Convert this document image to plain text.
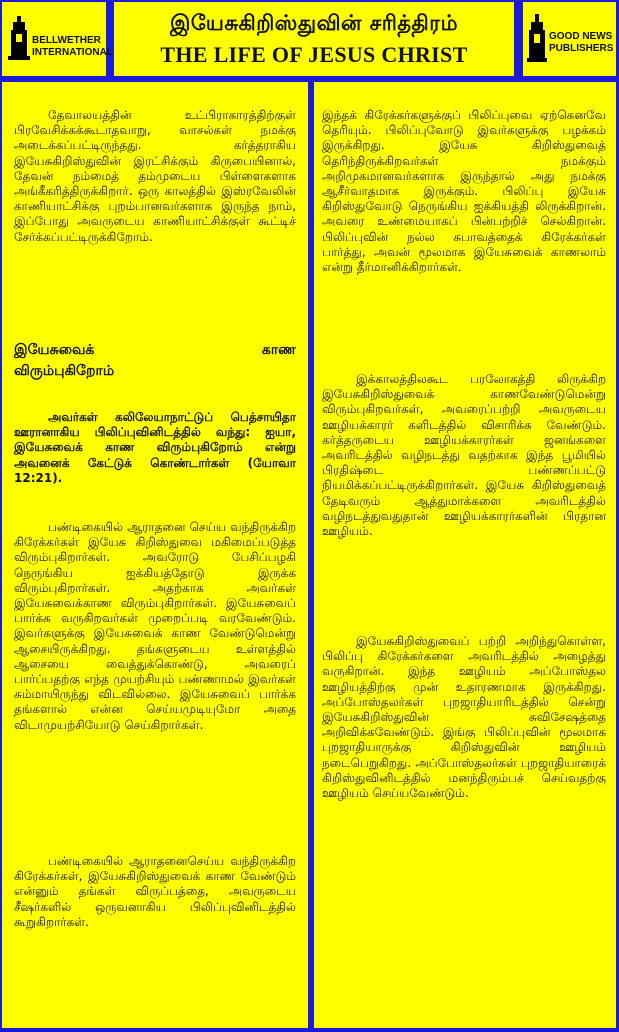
BELLWETHER
INTERNATIONAL
இயேசுகிறிஸ்துவின் சரித்திரம்
THE LIFE OF JESUS CHRIST
GOOD NEWS
PUBLISHERS

தேவாலயத்தின் உட்பிராகாரத்திற்குள் பிரவேசிக்கக்கூடாதவாறு, வாசல்கள் நமக்கு அடைக்கப்பட்டிருந்தது. கர்த்தராகிய இயேசுகிறிஸ்துவின் இரட்சிக்கும் கிருபையினால், தேவன் நம்மைத் தம்முடைய பிள்ளைகளாக அங்கீகரித்திருக்கிறார். ஒரு காலத்தில் இஸ்ரவேலின் காணியாட்சிக்கு புறம்பானவர்களாக இருந்த நாம், இப்போது அவருடைய காணியாட்சிக்குள் கூட்டிச் சேர்க்கப்பட்டிருக்கிறோம்.

இயேசுவைக் காண
விரும்புகிறோம்
அவர்கள் கலிலேயாநாட்டுப் பெத்சாயிதா ஊரானாகிய பிலிப்புவினிடத்தில் வந்து: ஐயா, இயேசுவைக் காண விரும்புகிறோம் என்று அவனைக் கேட்டுக் கொண்டார்கள் (யோவா 12:21).

பண்டிகையில் ஆராதனை செய்ய வந்திருக்கிற கிரேக்கர்கள் இயேசு கிறிஸ்துவை மகிமைப்படுத்த விரும்புகிறார்கள். அவரோடு பேசிப்பழகி நெருங்கிய ஐக்கியத்தோடு இருக்க விரும்புகிறார்கள். அதற்காக அவர்கள் இயேசுவைக்காண விரும்புகிறார்கள். இயேசுவைப் பார்க்க வருகிறவர்கள் முறைப்படி வரவேண்டும். இவர்களுக்கு இயேசுவைக் காண வேண்டுமென்று ஆசையிருக்கிறது. தங்களுடைய உள்ளத்தில் ஆசையை வைத்துக்கொண்டு, அவரைப் பார்ப்பதற்கு எந்த முயற்சியும் பண்ணாமல் இவர்கள் சும்மாயிருந்து விடவில்லை. இயேசுவைப் பார்க்க தங்களால் என்ன செய்யமுடியுமோ அதை விடாமுயற்சியோடு செய்கிறார்கள்.

பண்டிகையில் ஆராதனைசெய்ய வந்திருக்கிற கிரேக்கர்கள், இயேசுகிறிஸ்துவைக் காண வேண்டும் என்னும் தங்கள் விருப்பத்தை, அவருடைய சீஷர்களில் ஒருவனாகிய பிலிப்புவினிடத்தில் கூறுகிறார்கள்.

இந்தக் கிரேக்கர்களுக்குப் பிலிப்புவை ஏற்கெனவே தெரியும். பிலிப்புவோடு இவர்களுக்கு பழக்கம் இருக்கிறது. இயேசு கிறிஸ்துவைத் தெரிந்திருக்கிறவர்கள் நமக்கும் அறிமுகமானவர்களாக இருந்தால் அது நமக்கு ஆசீர்வாதமாக இருக்கும். பிலிப்பு இயேசு கிறிஸ்துவோடு நெருங்கிய ஐக்கியத்தி லிருக்கிறான். அவரை உண்மையாகப் பின்பற்றிச் செல்கிறான். பிலிப்புவின் நல்ல சுபாவத்தைக் கிரேக்கர்கள் பார்த்து, அவன் மூலமாக இயேசுவைக் காணலாம் என்று தீர்மானிக்கிறார்கள்.

இக்காலத்திலகூட பரலோகத்தி லிருக்கிற இயேசுகிறிஸ்துவைக் காணவேண்டுமென்று விரும்புகிறவர்கள், அவரைப்பற்றி அவருடைய ஊழியக்காரர் களிடத்தில் விசாரிக்க வேண்டும். கர்த்தருடைய ஊழியக்காரர்கள் ஜனங்களை அவரிடத்தில் வழிநடத்து வதற்காக இந்த பூமியில் பிரதிஷ்டை பண்ணப்பட்டு நியமிக்கப்பட்டிருக்கிறார்கள். இயேசு கிறிஸ்துவைத் தேடிவரும் ஆத்துமாக்களை அவரிடத்தில் வழிநடத்துவதுதான் ஊழியக்காரர்களின் பிரதான ஊழியம்.

இயேசுகிறிஸ்துவைப் பற்றி அறிந்துகொள்ள, பிலிப்பு கிரேக்கர்களை அவரிடத்தில் அழைத்து வருகிறான். இந்த ஊழியம் அப்போஸ்தல ஊழியத்திற்கு முன் உதாரணமாக இருக்கிறது. அப்போஸ்தலர்கள் புறஜாதியாரிடத்தில் சென்று இயேசுகிறிஸ்துவின் சுவிசேஷத்தை அறிவிக்கவேண்டும். இங்கு பிலிப்புவின் மூலமாக புறஜாதியாருக்கு கிறிஸ்துவின் ஊழியம் நடைபெறுகிறது. அப்போஸ்தலர்கள் புறஜாதியாரைக் கிறிஸ்துவினிடத்தில் மனந்திரும்பச் செய்வதற்கு ஊழியம் செய்யவேண்டும்.
